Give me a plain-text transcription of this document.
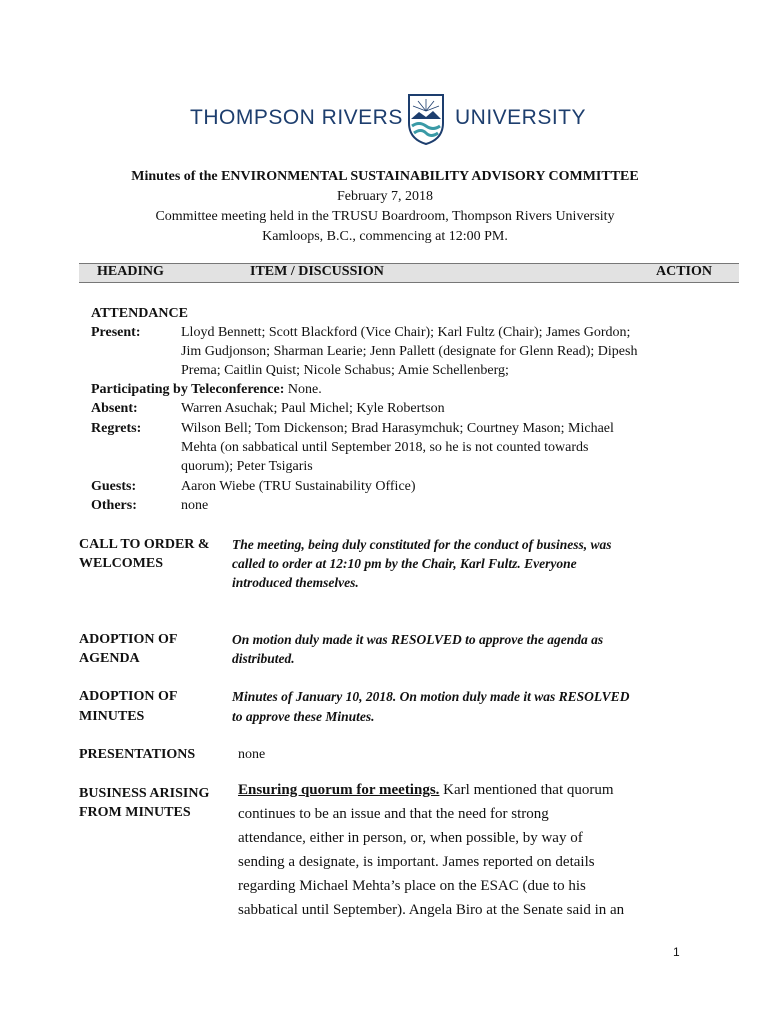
THOMPSON RIVERS UNIVERSITY
Minutes of the ENVIRONMENTAL SUSTAINABILITY ADVISORY COMMITTEE
February 7, 2018
Committee meeting held in the TRUSU Boardroom, Thompson Rivers University
Kamloops, B.C., commencing at 12:00 PM.
HEADING	ITEM / DISCUSSION	ACTION
ATTENDANCE
Present:	Lloyd Bennett; Scott Blackford (Vice Chair); Karl Fultz (Chair); James Gordon;
Jim Gudjonson; Sharman Learie; Jenn Pallett (designate for Glenn Read); Dipesh
Prema; Caitlin Quist; Nicole Schabus; Amie Schellenberg;
Participating by Teleconference: None.
Absent:	Warren Asuchak; Paul Michel; Kyle Robertson
Regrets:	Wilson Bell; Tom Dickenson; Brad Harasymchuk; Courtney Mason; Michael
Mehta (on sabbatical until September 2018, so he is not counted towards
quorum); Peter Tsigaris
Guests:	Aaron Wiebe (TRU Sustainability Office)
Others:	none
CALL TO ORDER &
WELCOMES
The meeting, being duly constituted for the conduct of business, was
called to order at 12:10 pm by the Chair, Karl Fultz. Everyone
introduced themselves.
ADOPTION OF
AGENDA
On motion duly made it was RESOLVED to approve the agenda as
distributed.
ADOPTION OF
MINUTES
Minutes of January 10, 2018. On motion duly made it was RESOLVED
to approve these Minutes.
PRESENTATIONS	none
BUSINESS ARISING
FROM MINUTES
Ensuring quorum for meetings. Karl mentioned that quorum
continues to be an issue and that the need for strong
attendance, either in person, or, when possible, by way of
sending a designate, is important. James reported on details
regarding Michael Mehta’s place on the ESAC (due to his
sabbatical until September). Angela Biro at the Senate said in an
1
